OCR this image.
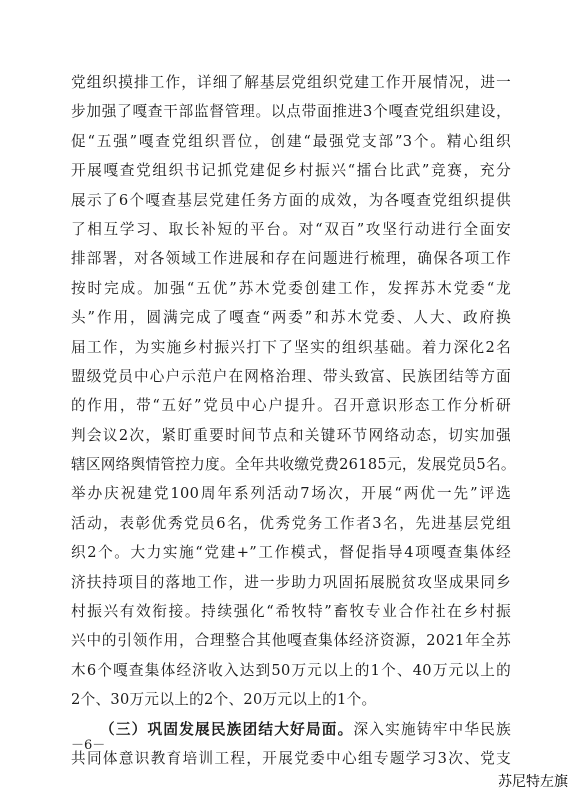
党组织摸排工作，详细了解基层党组织党建工作开展情况，进一
步加强了嘎查干部监督管理。以点带面推进3个嘎查党组织建设，
促“五强”嘎查党组织晋位，创建“最强党支部”3个。精心组织
开展嘎查党组织书记抓党建促乡村振兴“擂台比武”竞赛，充分
展示了6个嘎查基层党建任务方面的成效，为各嘎查党组织提供
了相互学习、取长补短的平台。对“双百”攻坚行动进行全面安
排部署，对各领域工作进展和存在问题进行梳理，确保各项工作
按时完成。加强“五优”苏木党委创建工作，发挥苏木党委“龙
头”作用，圆满完成了嘎查“两委”和苏木党委、人大、政府换
届工作，为实施乡村振兴打下了坚实的组织基础。着力深化2名
盟级党员中心户示范户在网格治理、带头致富、民族团结等方面
的作用，带“五好”党员中心户提升。召开意识形态工作分析研
判会议2次，紧盯重要时间节点和关键环节网络动态，切实加强
辖区网络舆情管控力度。全年共收缴党费26185元，发展党员5名。
举办庆祝建党100周年系列活动7场次，开展“两优一先”评选
活动，表彰优秀党员6名，优秀党务工作者3名，先进基层党组
织2个。大力实施“党建+”工作模式，督促指导4项嘎查集体经
济扶持项目的落地工作，进一步助力巩固拓展脱贫攻坚成果同乡
村振兴有效衔接。持续强化“希牧特”畜牧专业合作社在乡村振
兴中的引领作用，合理整合其他嘎查集体经济资源，2021年全苏
木6个嘎查集体经济收入达到50万元以上的1个、40万元以上的
2个、30万元以上的2个、20万元以上的1个。
（三）巩固发展民族团结大好局面。深入实施铸牢中华民族
共同体意识教育培训工程，开展党委中心组专题学习3次、党支
－6－
苏尼特左旗
